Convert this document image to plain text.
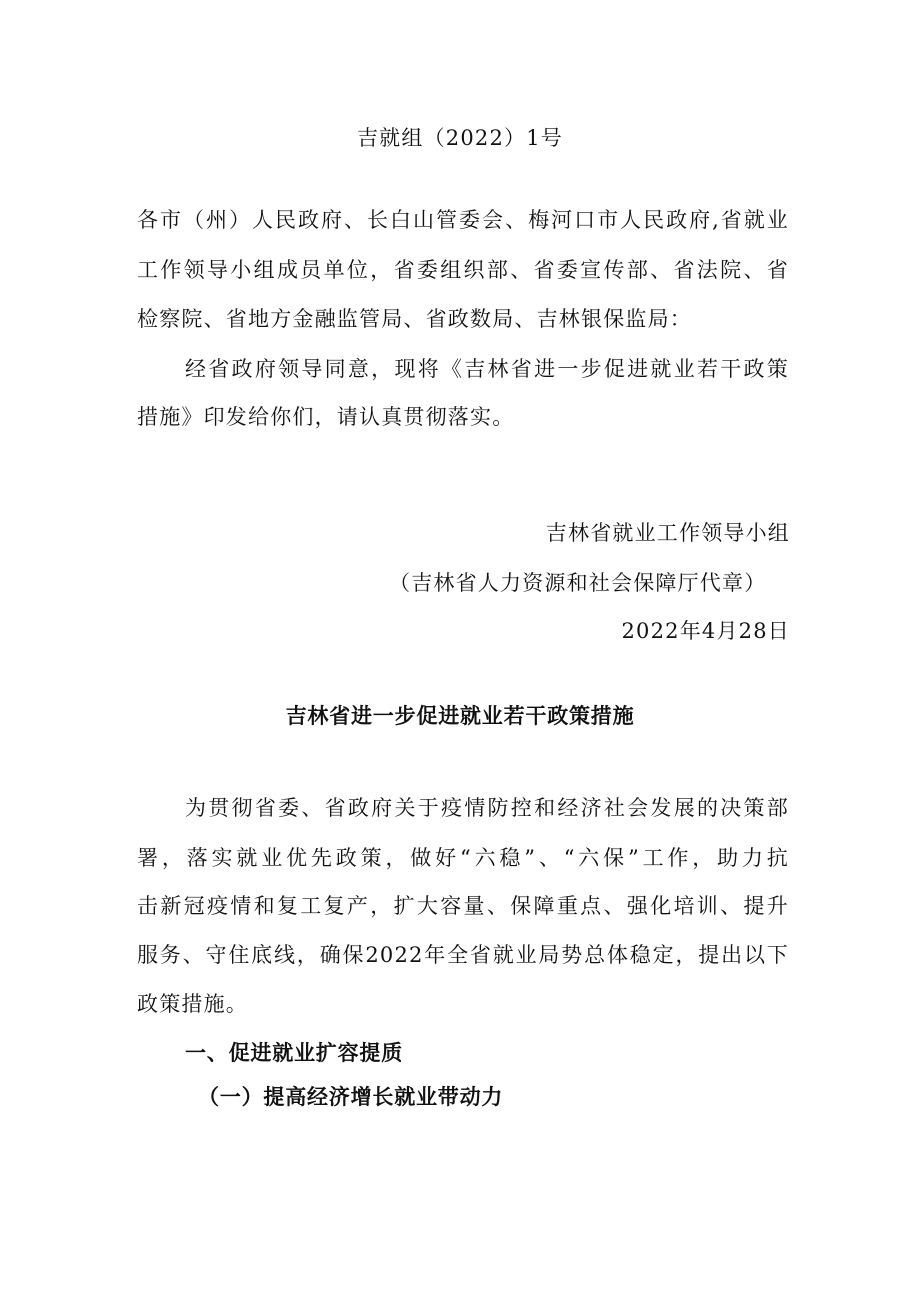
吉就组（2022）1号
各市（州）人民政府、长白山管委会、梅河口市人民政府,省就业
工作领导小组成员单位，省委组织部、省委宣传部、省法院、省
检察院、省地方金融监管局、省政数局、吉林银保监局：
经省政府领导同意，现将《吉林省进一步促进就业若干政策
措施》印发给你们，请认真贯彻落实。
吉林省就业工作领导小组
（吉林省人力资源和社会保障厅代章）
2022年4月28日
吉林省进一步促进就业若干政策措施
为贯彻省委、省政府关于疫情防控和经济社会发展的决策部
署，落实就业优先政策，做好“六稳”、“六保”工作，助力抗
击新冠疫情和复工复产，扩大容量、保障重点、强化培训、提升
服务、守住底线，确保2022年全省就业局势总体稳定，提出以下
政策措施。
一、促进就业扩容提质
（一）提高经济增长就业带动力
